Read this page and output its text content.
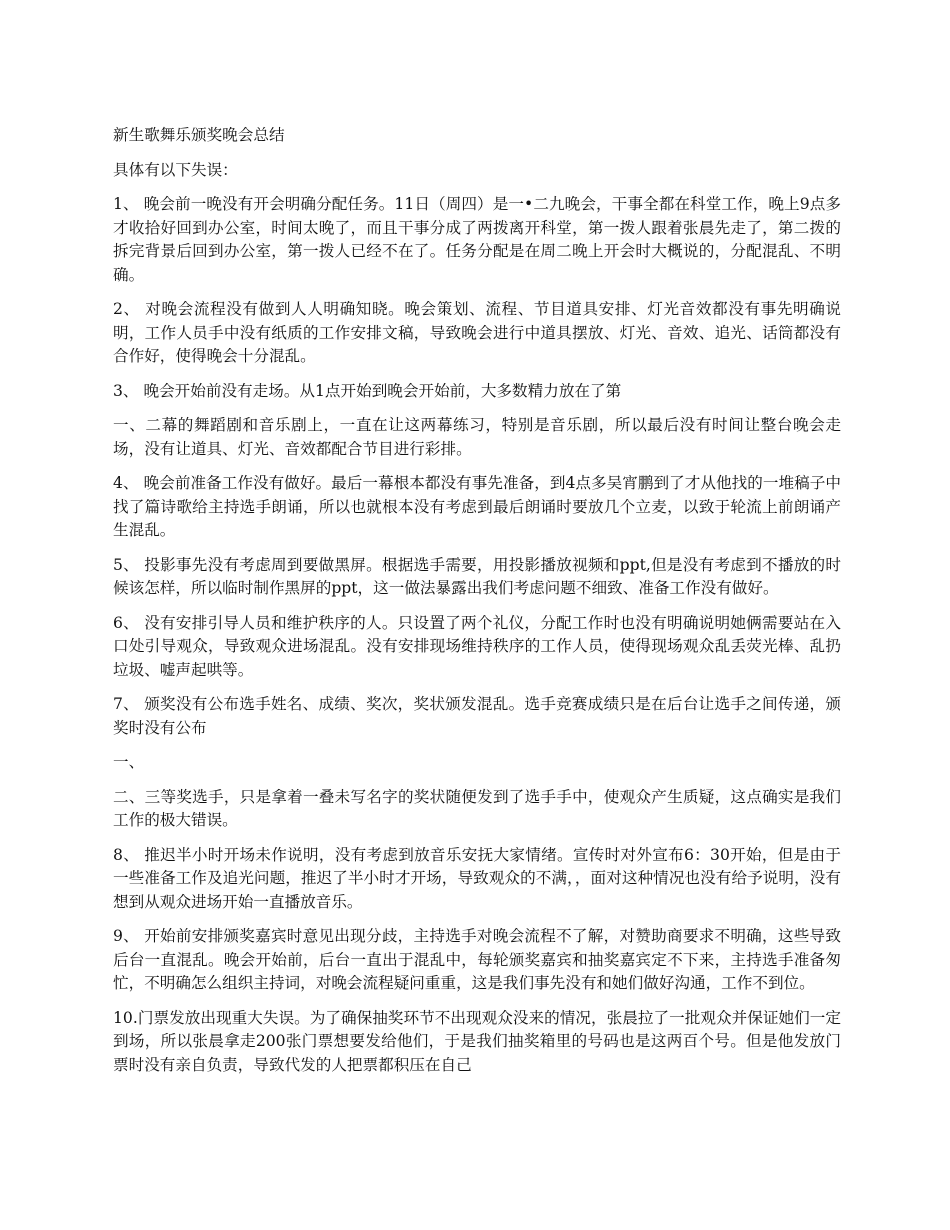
新生歌舞乐颁奖晚会总结

具体有以下失误：

1、 晚会前一晚没有开会明确分配任务。11日（周四）是一•二九晚会，干事全都在科堂工作，晚上9点多才收拾好回到办公室，时间太晚了，而且干事分成了两拨离开科堂，第一拨人跟着张晨先走了，第二拨的拆完背景后回到办公室，第一拨人已经不在了。任务分配是在周二晚上开会时大概说的，分配混乱、不明确。

2、 对晚会流程没有做到人人明确知晓。晚会策划、流程、节目道具安排、灯光音效都没有事先明确说明，工作人员手中没有纸质的工作安排文稿，导致晚会进行中道具摆放、灯光、音效、追光、话筒都没有合作好，使得晚会十分混乱。

3、 晚会开始前没有走场。从1点开始到晚会开始前，大多数精力放在了第

一、二幕的舞蹈剧和音乐剧上，一直在让这两幕练习，特别是音乐剧，所以最后没有时间让整台晚会走场，没有让道具、灯光、音效都配合节目进行彩排。

4、 晚会前准备工作没有做好。最后一幕根本都没有事先准备，到4点多吴宵鹏到了才从他找的一堆稿子中找了篇诗歌给主持选手朗诵，所以也就根本没有考虑到最后朗诵时要放几个立麦，以致于轮流上前朗诵产生混乱。

5、 投影事先没有考虑周到要做黑屏。根据选手需要，用投影播放视频和ppt,但是没有考虑到不播放的时候该怎样，所以临时制作黑屏的ppt，这一做法暴露出我们考虑问题不细致、准备工作没有做好。

6、 没有安排引导人员和维护秩序的人。只设置了两个礼仪，分配工作时也没有明确说明她俩需要站在入口处引导观众，导致观众进场混乱。没有安排现场维持秩序的工作人员，使得现场观众乱丢荧光棒、乱扔垃圾、嘘声起哄等。

7、 颁奖没有公布选手姓名、成绩、奖次，奖状颁发混乱。选手竞赛成绩只是在后台让选手之间传递，颁奖时没有公布

一、

二、三等奖选手，只是拿着一叠未写名字的奖状随便发到了选手手中，使观众产生质疑，这点确实是我们工作的极大错误。

8、 推迟半小时开场未作说明，没有考虑到放音乐安抚大家情绪。宣传时对外宣布6：30开始，但是由于一些准备工作及追光问题，推迟了半小时才开场，导致观众的不满，，面对这种情况也没有给予说明，没有想到从观众进场开始一直播放音乐。

9、 开始前安排颁奖嘉宾时意见出现分歧，主持选手对晚会流程不了解，对赞助商要求不明确，这些导致后台一直混乱。晚会开始前，后台一直出于混乱中，每轮颁奖嘉宾和抽奖嘉宾定不下来，主持选手准备匆忙，不明确怎么组织主持词，对晚会流程疑问重重，这是我们事先没有和她们做好沟通，工作不到位。

10.门票发放出现重大失误。为了确保抽奖环节不出现观众没来的情况，张晨拉了一批观众并保证她们一定到场，所以张晨拿走200张门票想要发给他们，于是我们抽奖箱里的号码也是这两百个号。但是他发放门票时没有亲自负责，导致代发的人把票都积压在自己
